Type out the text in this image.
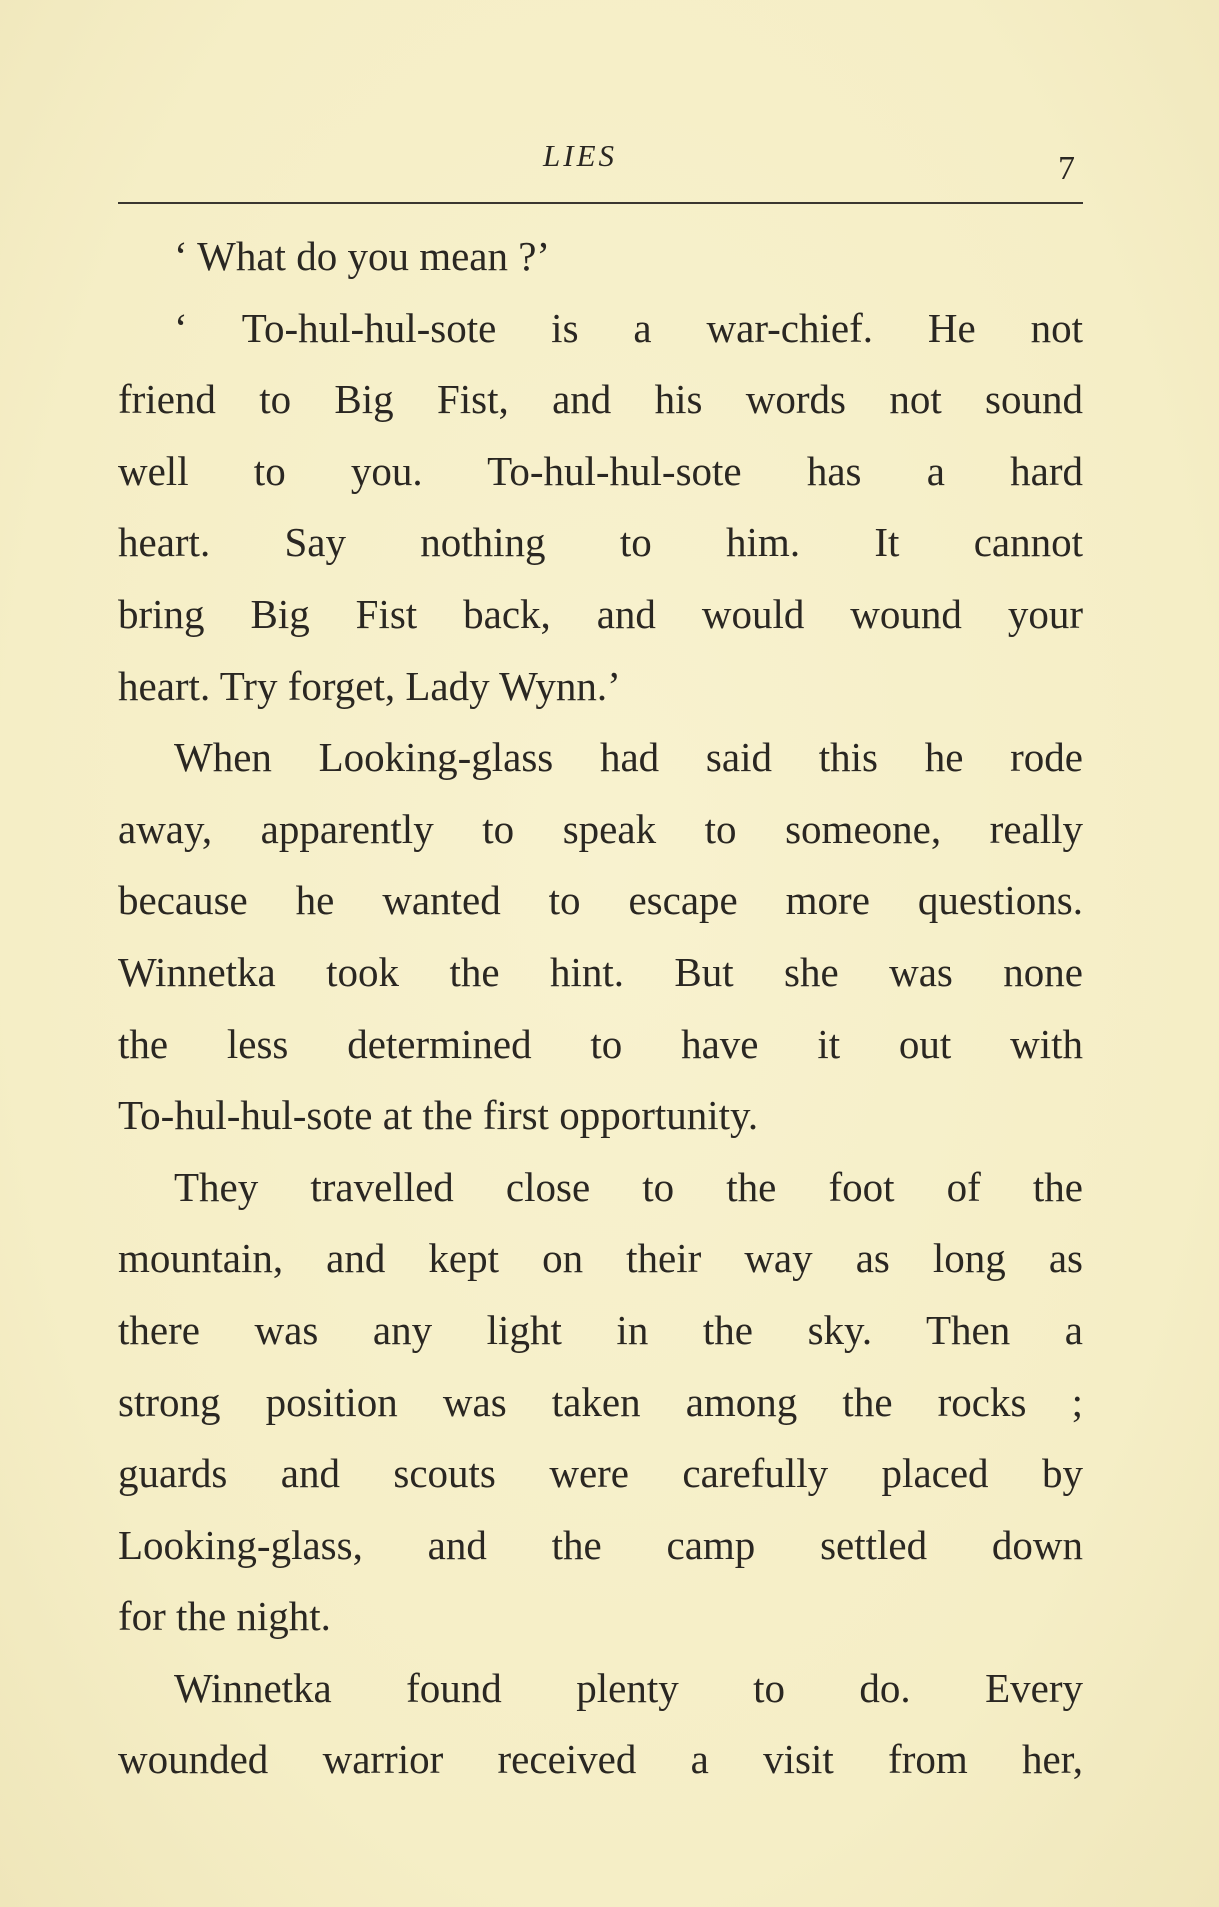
LIES	7
‘ What do you mean ?’
‘ To-hul-hul-sote is a war-chief. He not
friend to Big Fist, and his words not sound
well to you. To-hul-hul-sote has a hard
heart. Say nothing to him. It cannot
bring Big Fist back, and would wound your
heart. Try forget, Lady Wynn.’
When Looking-glass had said this he rode
away, apparently to speak to someone, really
because he wanted to escape more questions.
Winnetka took the hint. But she was none
the less determined to have it out with
To-hul-hul-sote at the first opportunity.
They travelled close to the foot of the
mountain, and kept on their way as long as
there was any light in the sky. Then a
strong position was taken among the rocks ;
guards and scouts were carefully placed by
Looking-glass, and the camp settled down
for the night.
Winnetka found plenty to do. Every
wounded warrior received a visit from her,
